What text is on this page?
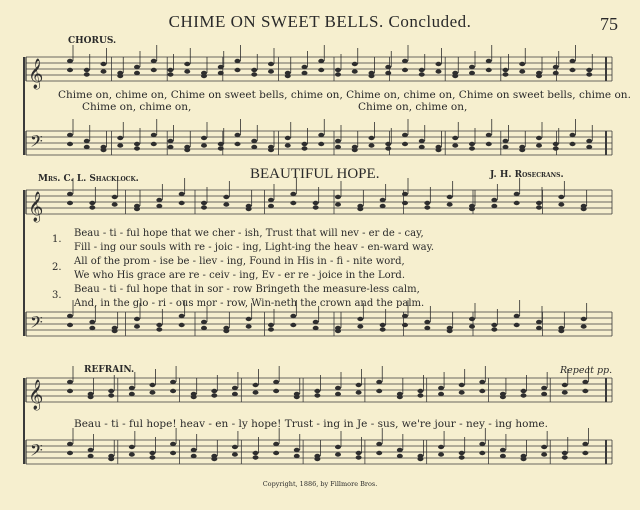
CHIME ON SWEET BELLS. Concluded.	75
𝄞
𝄢
𝄞
𝄢
𝄞
𝄢
CHORUS.
Chime on, chime on, Chime on sweet bells, chime on, Chime on, chime on, Chime on sweet bells, chime on.
Chime on, chime on,	Chime on, chime on,
Mrs. C. L. Shacklock.	BEAUTIFUL HOPE.	J. H. Rosecrans.
1.
Beau - ti - ful hope that we cher - ish, Trust that will nev - er de - cay,
Fill - ing our souls with re - joic - ing, Light-ing the heav - en-ward way.
2.
All of the prom - ise be - liev - ing, Found in His in - fi - nite word,
We who His grace are re - ceiv - ing, Ev - er re - joice in the Lord.
3.
Beau - ti - ful hope that in sor - row Bringeth the measure-less calm,
And, in the glo - ri - ous mor - row, Win-neth the crown and the palm.
REFRAIN.	Repeat pp.
Beau - ti - ful hope! heav - en - ly hope! Trust - ing in Je - sus, we're jour - ney - ing home.
Copyright, 1886, by Fillmore Bros.
